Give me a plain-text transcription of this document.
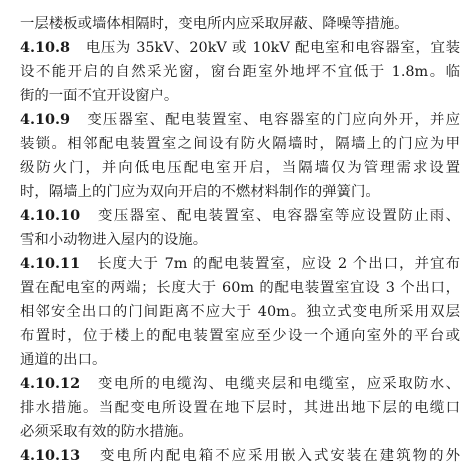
一层楼板或墙体相隔时，变电所内应采取屏蔽、降噪等措施。
4.10.8 电压为 35kV、20kV 或 10kV 配电室和电容器室，宜装
设不能开启的自然采光窗，窗台距室外地坪不宜低于 1.8m。临
街的一面不宜开设窗户。
4.10.9 变压器室、配电装置室、电容器室的门应向外开，并应
装锁。相邻配电装置室之间设有防火隔墙时，隔墙上的门应为甲
级防火门，并向低电压配电室开启，当隔墙仅为管理需求设置
时，隔墙上的门应为双向开启的不燃材料制作的弹簧门。
4.10.10 变压器室、配电装置室、电容器室等应设置防止雨、
雪和小动物进入屋内的设施。
4.10.11 长度大于 7m 的配电装置室，应设 2 个出口，并宜布
置在配电室的两端；长度大于 60m 的配电装置室宜设 3 个出口，
相邻安全出口的门间距离不应大于 40m。独立式变电所采用双层
布置时，位于楼上的配电装置室应至少设一个通向室外的平台或
通道的出口。
4.10.12 变电所的电缆沟、电缆夹层和电缆室，应采取防水、
排水措施。当配变电所设置在地下层时，其进出地下层的电缆口
必须采取有效的防水措施。
4.10.13 变电所内配电箱不应采用嵌入式安装在建筑物的外
